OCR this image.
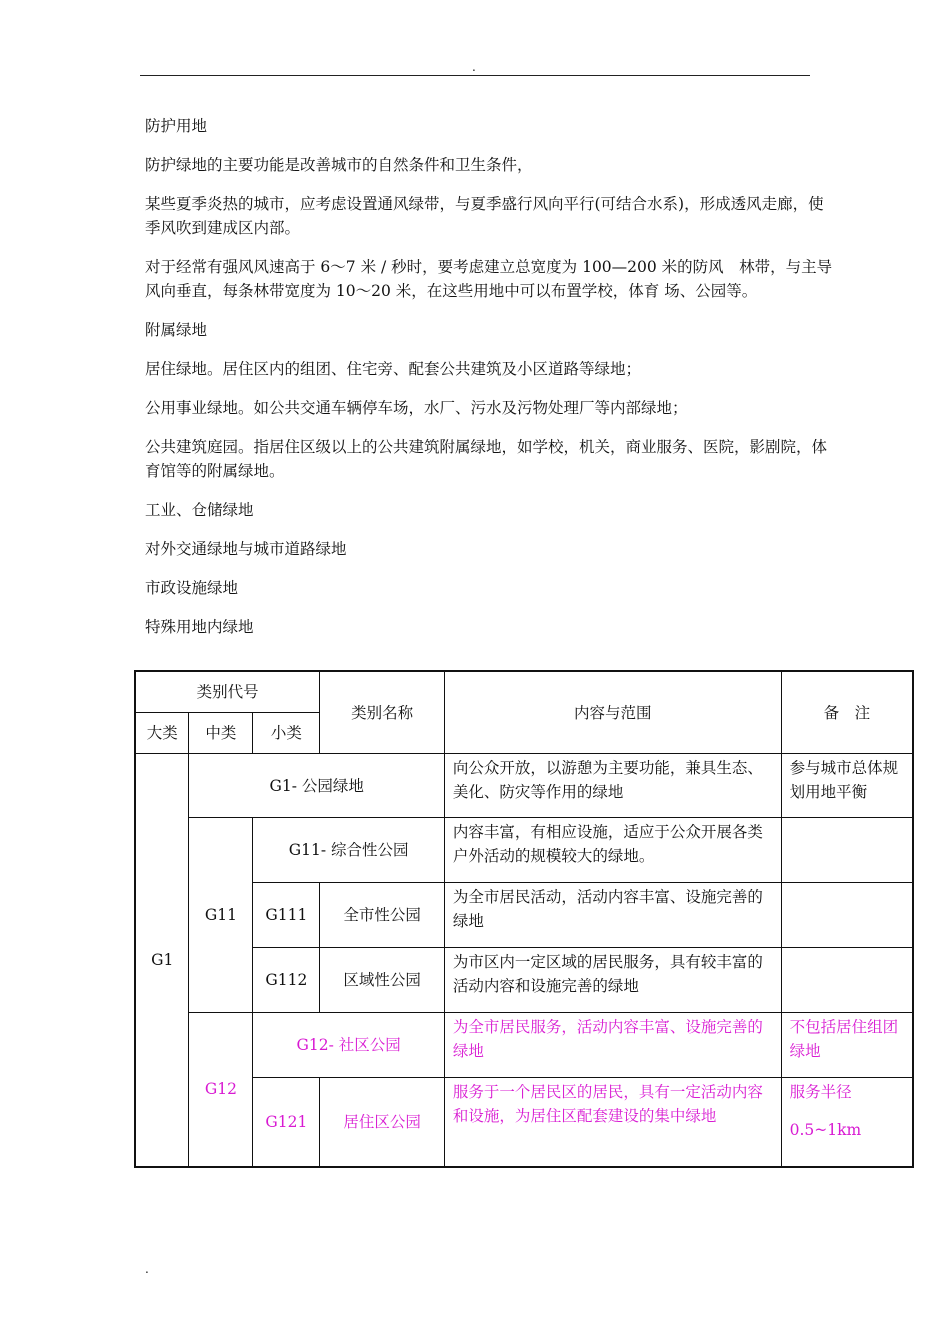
.

防护用地

防护绿地的主要功能是改善城市的自然条件和卫生条件，

某些夏季炎热的城市，应考虑设置通风绿带，与夏季盛行风向平行(可结合水系)，形成透风走廊，使季风吹到建成区内部。

对于经常有强风风速高于 6～7 米 / 秒时，要考虑建立总宽度为 100—200 米的防风　林带，与主导风向垂直，每条林带宽度为 10～20 米，在这些用地中可以布置学校，体育 场、公园等。

附属绿地

居住绿地。居住区内的组团、住宅旁、配套公共建筑及小区道路等绿地；

公用事业绿地。如公共交通车辆停车场，水厂、污水及污物处理厂等内部绿地；

公共建筑庭园。指居住区级以上的公共建筑附属绿地，如学校，机关，商业服务、医院，影剧院，体育馆等的附属绿地。

工业、仓储绿地

对外交通绿地与城市道路绿地

市政设施绿地

特殊用地内绿地

类别代号			类别名称	内容与范围	备　注
大类	中类	小类			
G1	G1- 公园绿地			向公众开放，以游憩为主要功能，兼具生态、美化、防灾等作用的绿地	参与城市总体规划用地平衡
	G11	G11- 综合性公园		内容丰富，有相应设施，适应于公众开展各类户外活动的规模较大的绿地。	
		G111	全市性公园	为全市居民活动，活动内容丰富、设施完善的绿地	
		G112	区域性公园	为市区内一定区域的居民服务，具有较丰富的活动内容和设施完善的绿地	
	G12	G12- 社区公园		为全市居民服务，活动内容丰富、设施完善的绿地	不包括居住组团绿地
		G121	居住区公园	服务于一个居民区的居民，具有一定活动内容和设施，为居住区配套建设的集中绿地	服务半径
0.5~1km
.
